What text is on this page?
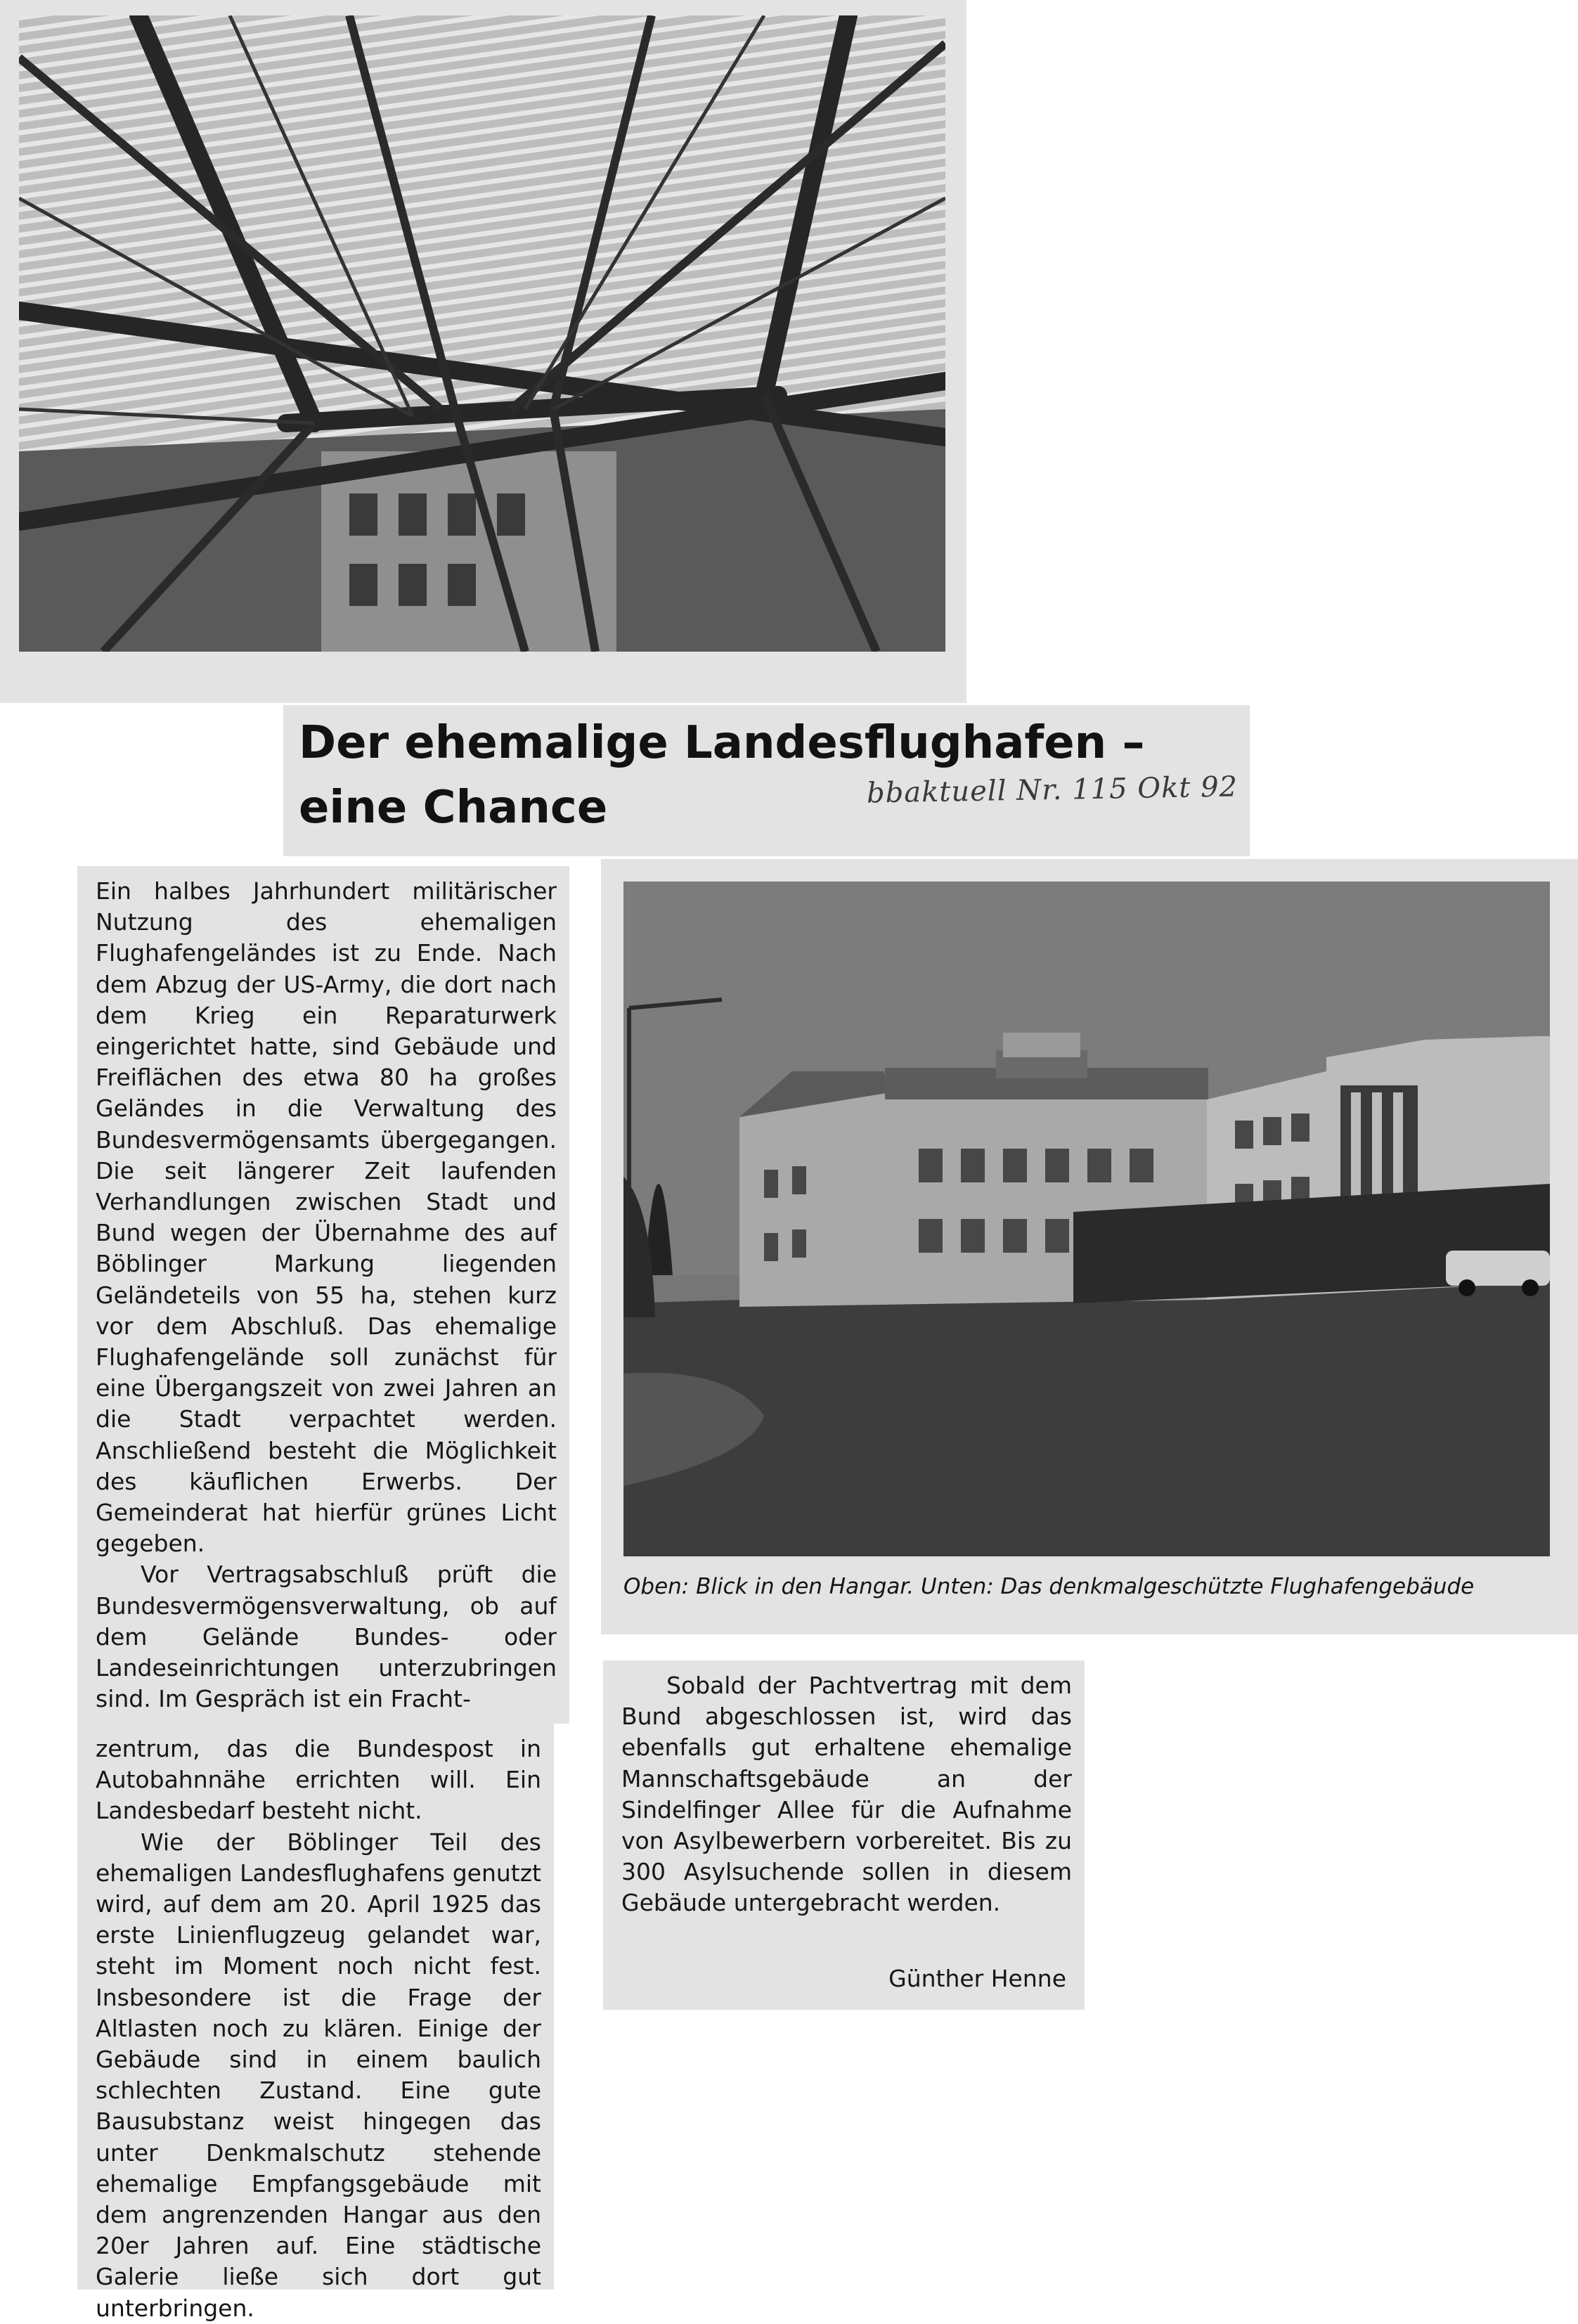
Der ehemalige Landesflughafen –
eine Chance	bbaktuell Nr. 115 Okt 92

Ein halbes Jahrhundert militärischer Nutzung des ehemaligen Flughafengeländes ist zu Ende. Nach dem Abzug der US-Army, die dort nach dem Krieg ein Reparaturwerk eingerichtet hatte, sind Gebäude und Freiflächen des etwa 80 ha großes Geländes in die Verwaltung des Bundesvermögensamts übergegangen. Die seit längerer Zeit laufenden Verhandlungen zwischen Stadt und Bund wegen der Übernahme des auf Böblinger Markung liegenden Geländeteils von 55 ha, stehen kurz vor dem Abschluß. Das ehemalige Flughafengelände soll zunächst für eine Übergangszeit von zwei Jahren an die Stadt verpachtet werden. Anschließend besteht die Möglichkeit des käuflichen Erwerbs. Der Gemeinderat hat hierfür grünes Licht gegeben.

Vor Vertragsabschluß prüft die Bundesvermögensverwaltung, ob auf dem Gelände Bundes- oder Landeseinrichtungen unterzubringen sind. Im Gespräch ist ein Fracht-

zentrum, das die Bundespost in Autobahnnähe errichten will. Ein Landesbedarf besteht nicht.

Wie der Böblinger Teil des ehemaligen Landesflughafens genutzt wird, auf dem am 20. April 1925 das erste Linienflugzeug gelandet war, steht im Moment noch nicht fest. Insbesondere ist die Frage der Altlasten noch zu klären. Einige der Gebäude sind in einem baulich schlechten Zustand. Eine gute Bausubstanz weist hingegen das unter Denkmalschutz stehende ehemalige Empfangsgebäude mit dem angrenzenden Hangar aus den 20er Jahren auf. Eine städtische Galerie ließe sich dort gut unterbringen.

Oben: Blick in den Hangar. Unten: Das denkmalgeschützte Flughafengebäude

Sobald der Pachtvertrag mit dem Bund abgeschlossen ist, wird das ebenfalls gut erhaltene ehemalige Mannschaftsgebäude an der Sindelfinger Allee für die Aufnahme von Asylbewerbern vorbereitet. Bis zu 300 Asylsuchende sollen in diesem Gebäude untergebracht werden.

Günther Henne
